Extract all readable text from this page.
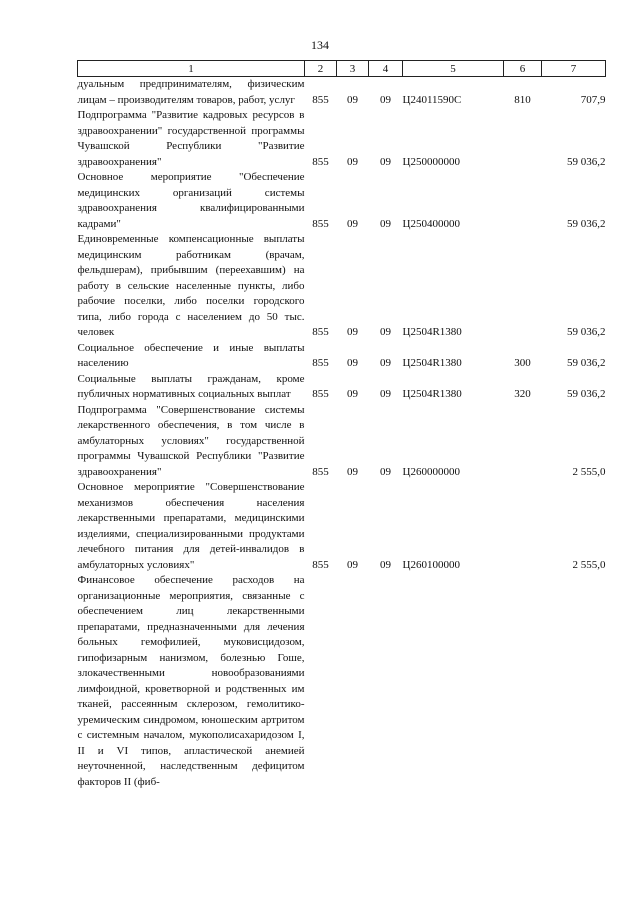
134
1	2	3	4	5	6	7
дуальным предпринимателям, физическим лицам – производителям товаров, работ, услуг	855	09	09	Ц24011590С	810	707,9
Подпрограмма "Развитие кадровых ресурсов в здравоохранении" государственной программы Чувашской Республики "Развитие здравоохранения"	855	09	09	Ц250000000		59 036,2
Основное мероприятие "Обеспечение медицинских организаций системы здравоохранения квалифицированными кадрами"	855	09	09	Ц250400000		59 036,2
Единовременные компенсационные выплаты медицинским работникам (врачам, фельдшерам), прибывшим (переехавшим) на работу в сельские населенные пункты, либо рабочие поселки, либо поселки городского типа, либо города с населением до 50 тыс. человек	855	09	09	Ц2504R1380		59 036,2
Социальное обеспечение и иные выплаты населению	855	09	09	Ц2504R1380	300	59 036,2
Социальные выплаты гражданам, кроме публичных нормативных социальных выплат	855	09	09	Ц2504R1380	320	59 036,2
Подпрограмма "Совершенствование системы лекарственного обеспечения, в том числе в амбулаторных условиях" государственной программы Чувашской Республики "Развитие здравоохранения"	855	09	09	Ц260000000		2 555,0
Основное мероприятие "Совершенствование механизмов обеспечения населения лекарственными препаратами, медицинскими изделиями, специализированными продуктами лечебного питания для детей-инвалидов в амбулаторных условиях"	855	09	09	Ц260100000		2 555,0
Финансовое обеспечение расходов на организационные мероприятия, связанные с обеспечением лиц лекарственными препаратами, предназначенными для лечения больных гемофилией, муковисцидозом, гипофизарным нанизмом, болезнью Гоше, злокачественными новообразованиями лимфоидной, кроветворной и родственных им тканей, рассеянным склерозом, гемолитико-уремическим синдромом, юношеским артритом с системным началом, мукополисахаридозом I, II и VI типов, апластической анемией неуточненной, наследственным дефицитом факторов II (фиб-						
